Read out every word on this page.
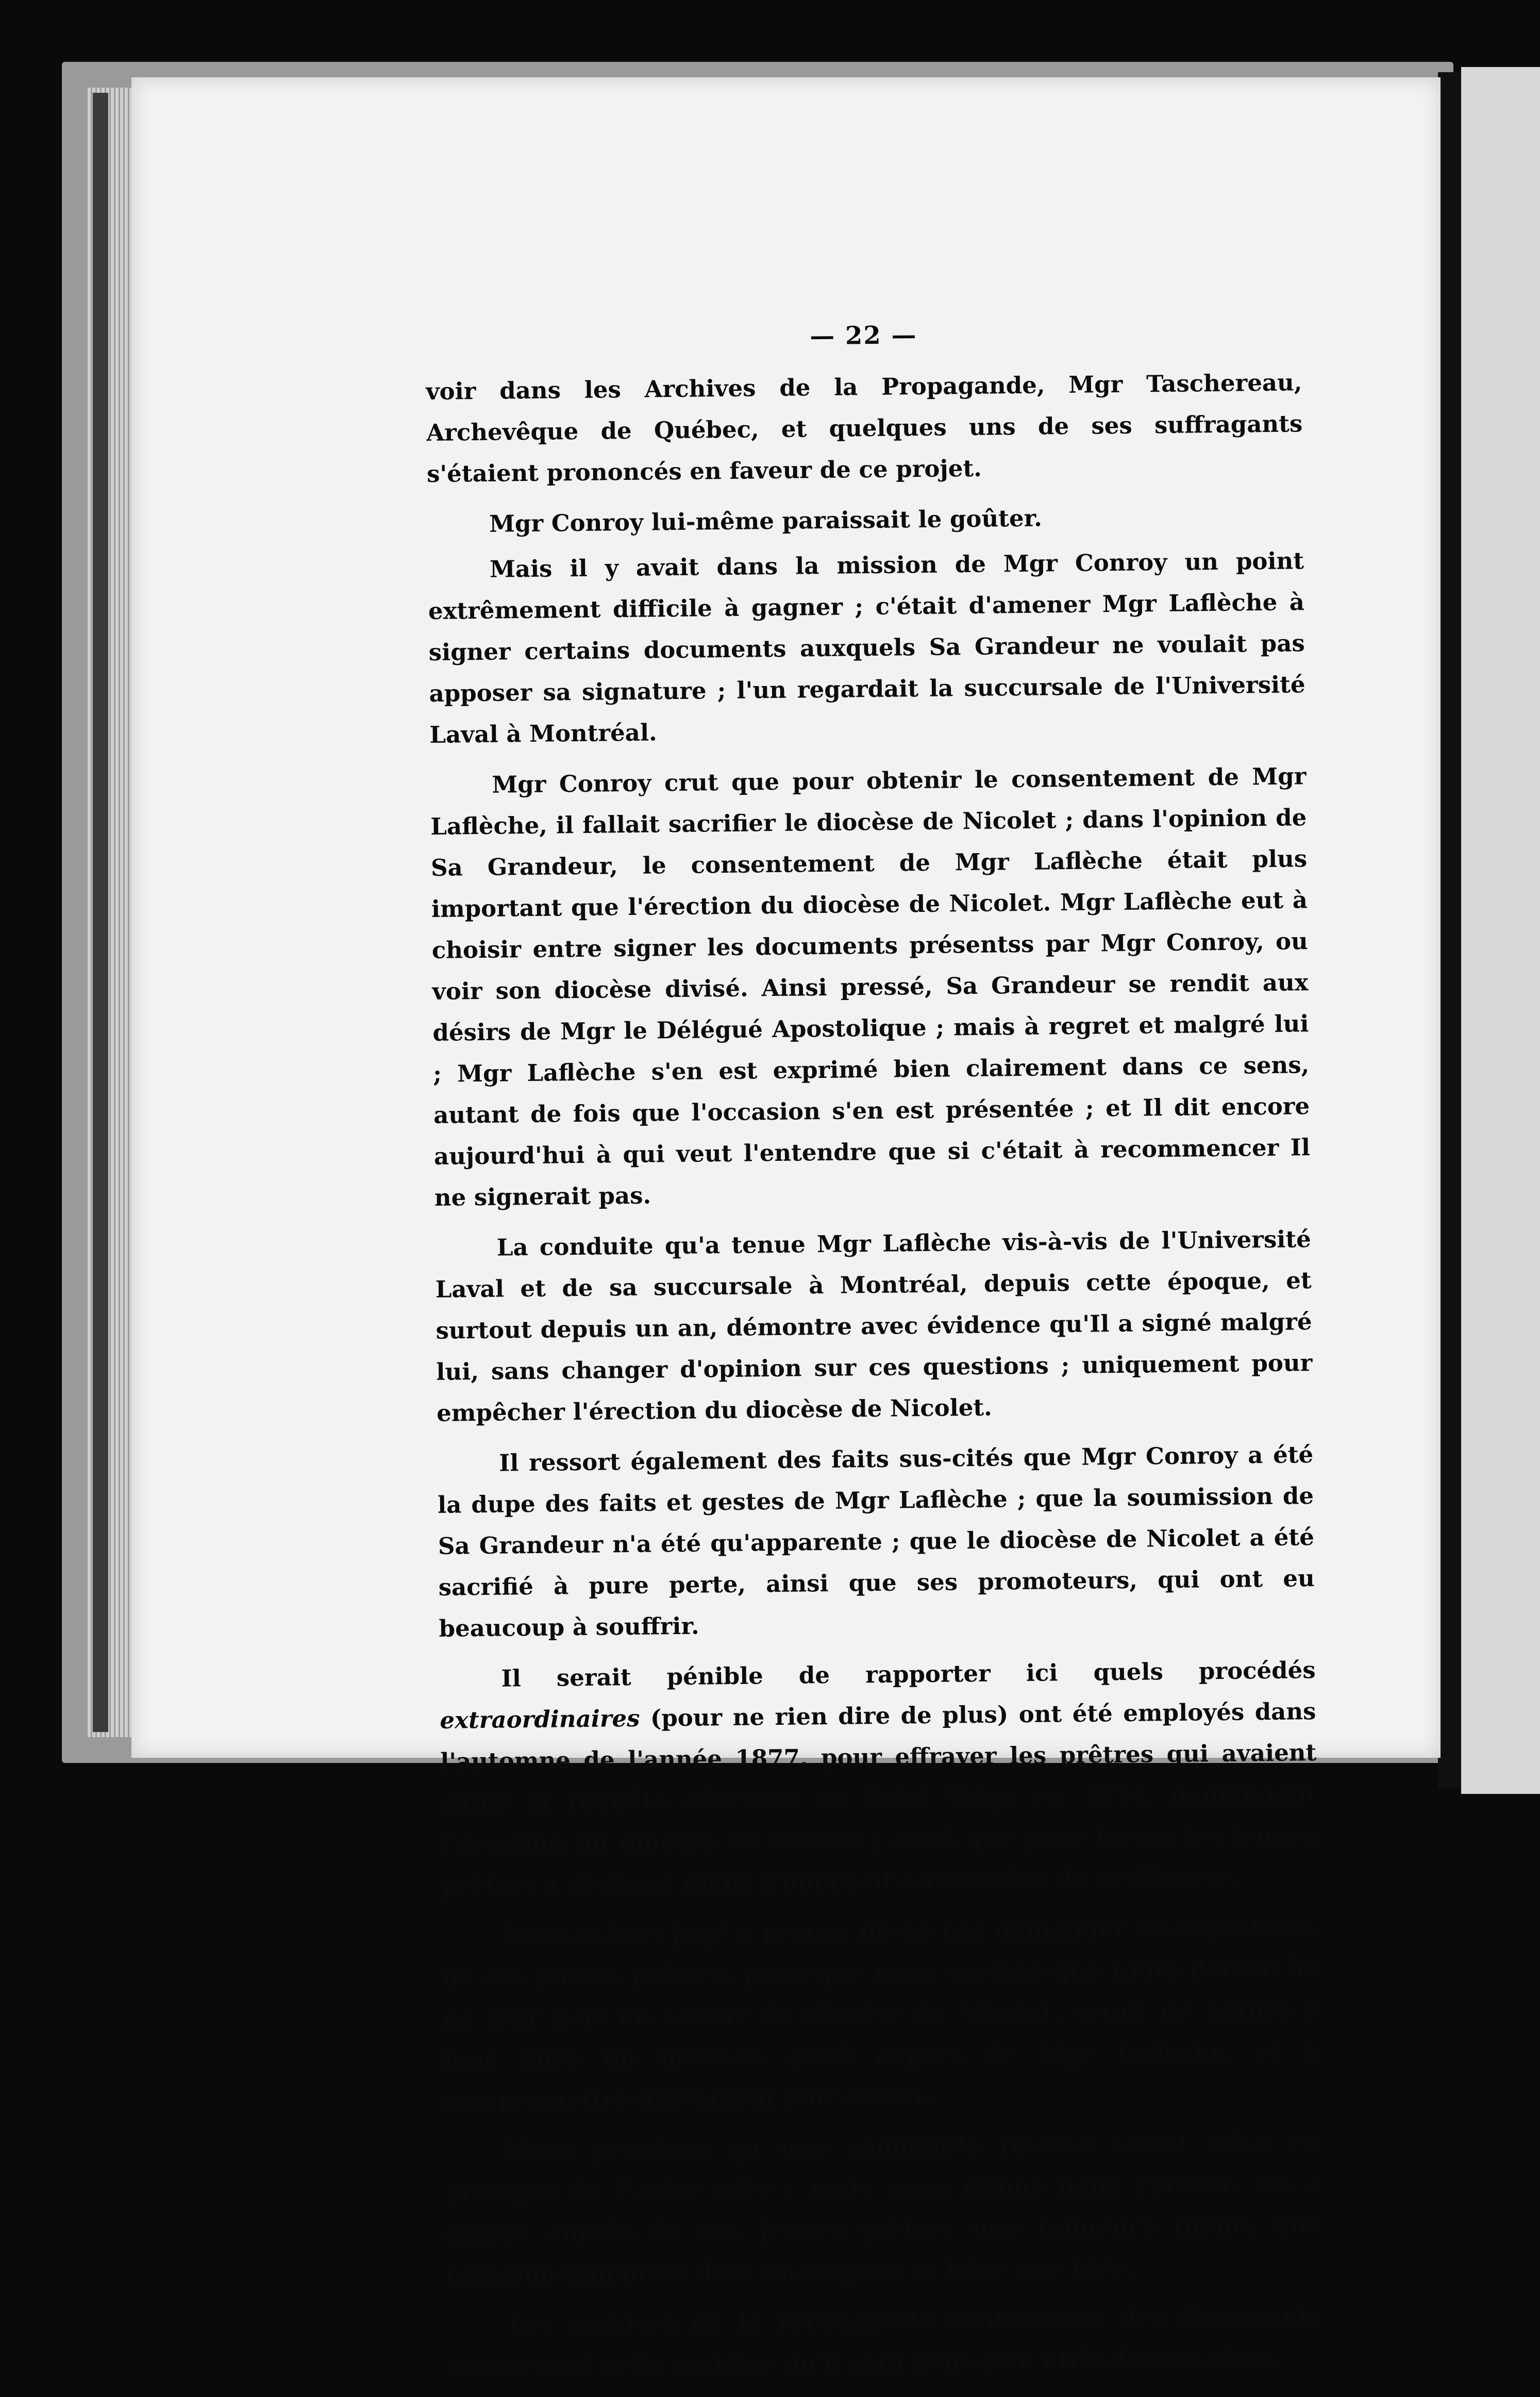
— 22 —

voir dans les Archives de la Propagande, Mgr Taschereau, Archevêque de Québec, et quelques uns de ses suffragants s'étaient prononcés en faveur de ce projet.

Mgr Conroy lui-même paraissait le goûter.

Mais il y avait dans la mission de Mgr Conroy un point extrêmement difficile à gagner ; c'était d'amener Mgr Laflèche à signer certains documents auxquels Sa Grandeur ne voulait pas apposer sa signature ; l'un regardait la succursale de l'Université Laval à Montréal.

Mgr Conroy crut que pour obtenir le consentement de Mgr Laflèche, il fallait sacrifier le diocèse de Nicolet ; dans l'opinion de Sa Grandeur, le consentement de Mgr Laflèche était plus important que l'érection du diocèse de Nicolet. Mgr Laflèche eut à choisir entre signer les documents présentss par Mgr Conroy, ou voir son diocèse divisé. Ainsi pressé, Sa Grandeur se rendit aux désirs de Mgr le Délégué Apostolique ; mais à regret et malgré lui ; Mgr Laflèche s'en est exprimé bien clairement dans ce sens, autant de fois que l'occasion s'en est présentée ; et Il dit encore aujourd'hui à qui veut l'entendre que si c'était à recommencer Il ne signerait pas.

La conduite qu'a tenue Mgr Laflèche vis-à-vis de l'Université Laval et de sa succursale à Montréal, depuis cette époque, et surtout depuis un an, démontre avec évidence qu'Il a signé malgré lui, sans changer d'opinion sur ces questions ; uniquement pour empêcher l'érection du diocèse de Nicolet.

Il ressort également des faits sus-cités que Mgr Conroy a été la dupe des faits et gestes de Mgr Laflèche ; que la soumission de Sa Grandeur n'a été qu'apparente ; que le diocèse de Nicolet a été sacrifié à pure perte, ainsi que ses promoteurs, qui ont eu beaucoup à souffrir.

Il serait pénible de rapporter ici quels procédés extraordinaires (pour ne rien dire de plus) ont été employés dans l'automne de l'année 1877, pour effrayer les prêtres qui avaient signé la requête adressée au Saint Siège en 1874, demandant l'érection du diocèse de Nicolet ; ainsi que pour forcer les jeunes prêtres à déclarer qu'ils s'opposait à l'érection de ce diocèse.

Nous avions jugé à propos de ne pas demander les signatures de ces jeunes prêtres, parceque nous savions que toute démarche de leur part en faveur du diocèse de Nicolet, serait de nature à leur faire un mauvais parti auprès de Mgr Laflèche, et à compromettre gravement leur avenir.

Nous pensions qu une semblable réserve serait mise en pratique de l'autre côté ; mais nous étions dans l'erreur. On a exercé auprès de ces jeunes prêtres une influence indue, une pression immorale dont on ne peut se faire une idée.

Les archives de la Propagande contiennent des documents concernant cette matière qu'il sera peut-être utile de consulter.
